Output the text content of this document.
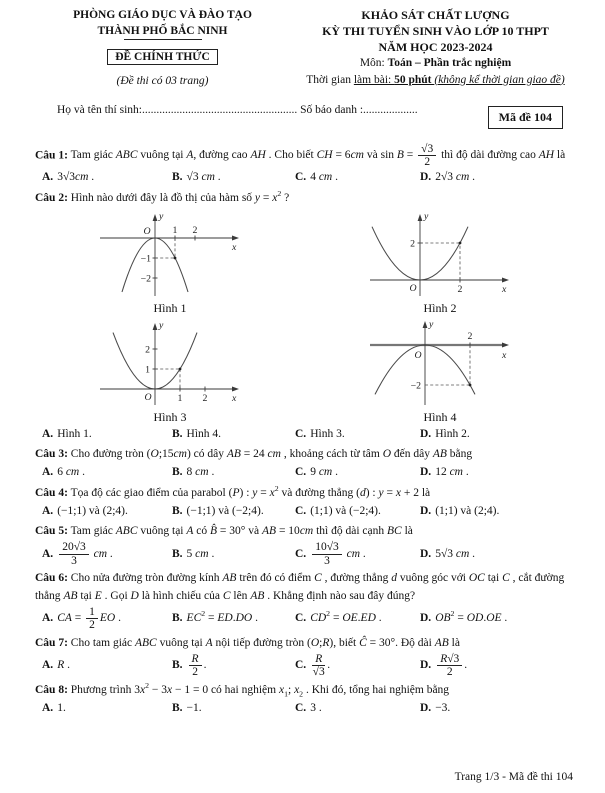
PHÒNG GIÁO DỤC VÀ ĐÀO TẠO
THÀNH PHỐ BẮC NINH
ĐỀ CHÍNH THỨC
(Đề thi có 03 trang)
KHẢO SÁT CHẤT LƯỢNG
KỲ THI TUYỂN SINH VÀO LỚP 10 THPT
NĂM HỌC 2023-2024
Môn: Toán – Phần trắc nghiệm
Thời gian làm bài: 50 phút (không kể thời gian giao đề)
Họ và tên thí sinh:...................................................... Số báo danh :...................	Mã đề 104

Câu 1: Tam giác ABC vuông tại A, đường cao AH . Cho biết CH = 6cm và $\sin B = \frac{√3}{2}$ thì độ dài đường cao AH là

A. 3√3cm .	B. √3 cm .	C. 4 cm .	D. 2√3 cm .

Câu 2: Hình nào dưới đây là đồ thị của hàm số $y = x^2$ ?

y
x
O 1 2
−1
−2
Hình 1
y
x
O	2
2
Hình 2
y
x
O	1 2
1
2
Hình 3
y
x
O
2
−2
Hình 4
A. Hình 1.	B. Hình 4.	C. Hình 3.	D. Hình 2.

Câu 3: Cho đường tròn (O;15cm) có dây AB = 24 cm , khoảng cách từ tâm O đến dây AB bằng

A. 6 cm .	B. 8 cm .	C. 9 cm .	D. 12 cm .

Câu 4: Tọa độ các giao điểm của parabol (P) : $y = x^2$ và đường thẳng (d) : y = x + 2 là

A. (−1;1) và (2;4).	B. (−1;1) và (−2;4).	C. (1;1) và (−2;4).	D. (1;1) và (2;4).

Câu 5: Tam giác ABC vuông tại A có B̂ = 30° và AB = 10cm thì độ dài cạnh BC là

A. $\frac{20√3}{3}$ cm .	B. 5 cm .	C. $\frac{10√3}{3}$ cm .	D. 5√3 cm .

Câu 6: Cho nửa đường tròn đường kính AB trên đó có điểm C , đường thẳng d vuông góc với OC tại C , cắt đường thẳng AB tại E . Gọi D là hình chiếu của C lên AB . Khẳng định nào sau đây đúng?

A. CA = $\frac{1}{2}$ EO .	B. $EC^2 = ED.DO$ .	C. $CD^2 = OE.ED$ .	D. $OB^2 = OD.OE$ .

Câu 7: Cho tam giác ABC vuông tại A nội tiếp đường tròn (O;R), biết Ĉ = 30°. Độ dài AB là

A. R .	B. $\frac{R}{2}$ .	C. $\frac{R}{√3}$ .	D. $\frac{R√3}{2}$ .

Câu 8: Phương trình $3x^2 - 3x - 1 = 0$ có hai nghiệm $x_1$; $x_2$ . Khi đó, tổng hai nghiệm bằng

A. 1.	B. −1.	C. 3 .	D. −3.
Trang 1/3 - Mã đề thi 104
